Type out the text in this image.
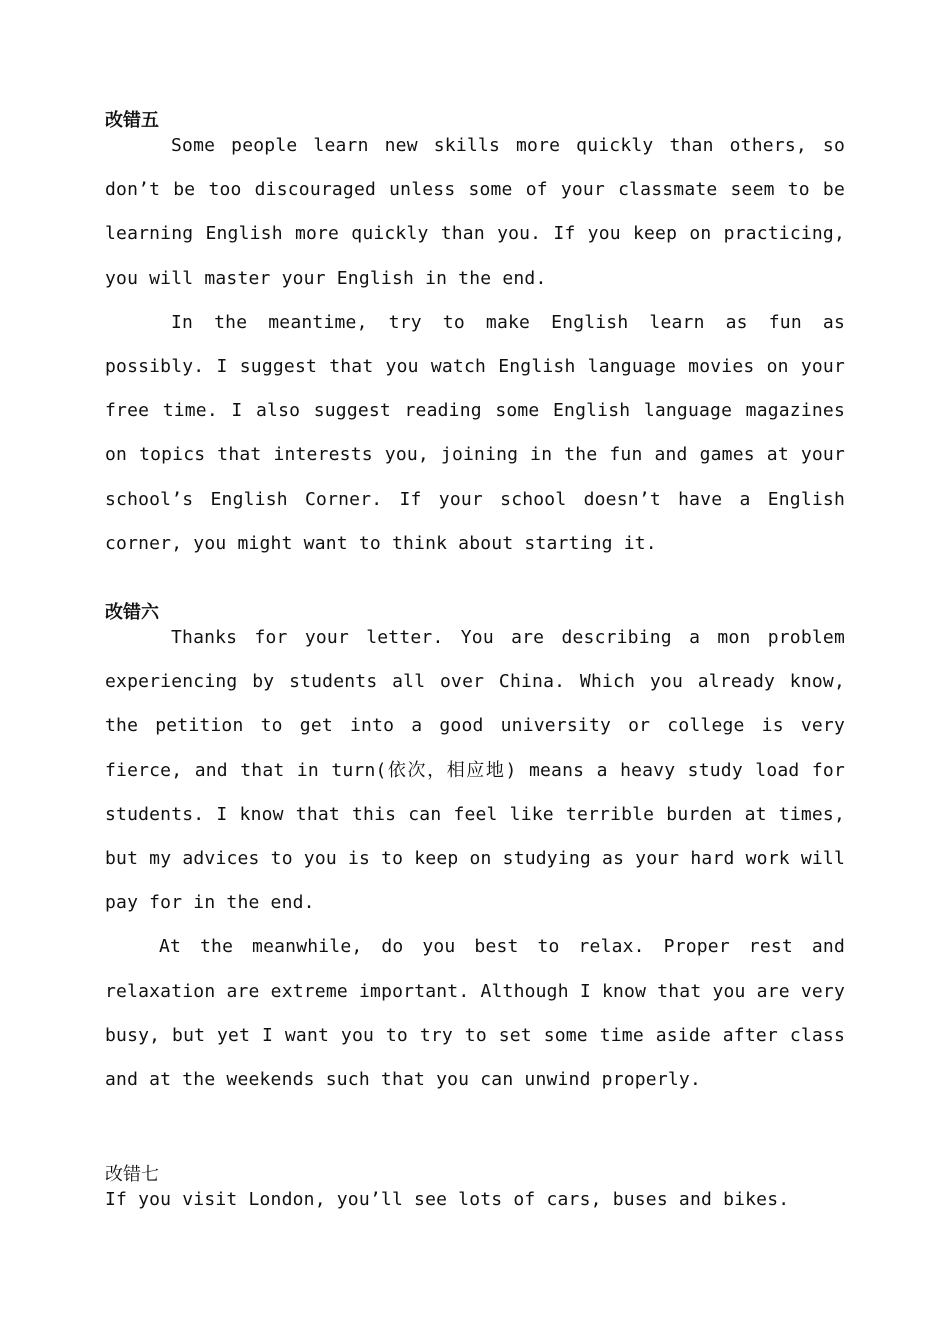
改错五

Some people learn new skills more quickly than others, so don’t be too discouraged unless some of your classmate seem to be learning English more quickly than you. If you keep on practicing, you will master your English in the end.

In the meantime, try to make English learn as fun as possibly. I suggest that you watch English language movies on your free time. I also suggest reading some English language magazines on topics that interests you, joining in the fun and games at your school’s English Corner. If your school doesn’t have a English corner, you might want to think about starting it.

改错六

Thanks for your letter. You are describing a mon problem experiencing by students all over China. Which you already know, the petition to get into a good university or college is very fierce, and that in turn(依次，相应地) means a heavy study load for students. I know that this can feel like terrible burden at times, but my advices to you is to keep on studying as your hard work will pay for in the end.

At the meanwhile, do you best to relax. Proper rest and relaxation are extreme important. Although I know that you are very busy, but yet I want you to try to set some time aside after class and at the weekends such that you can unwind properly.

改错七

If you visit London, you’ll see lots of cars, buses and bikes.
